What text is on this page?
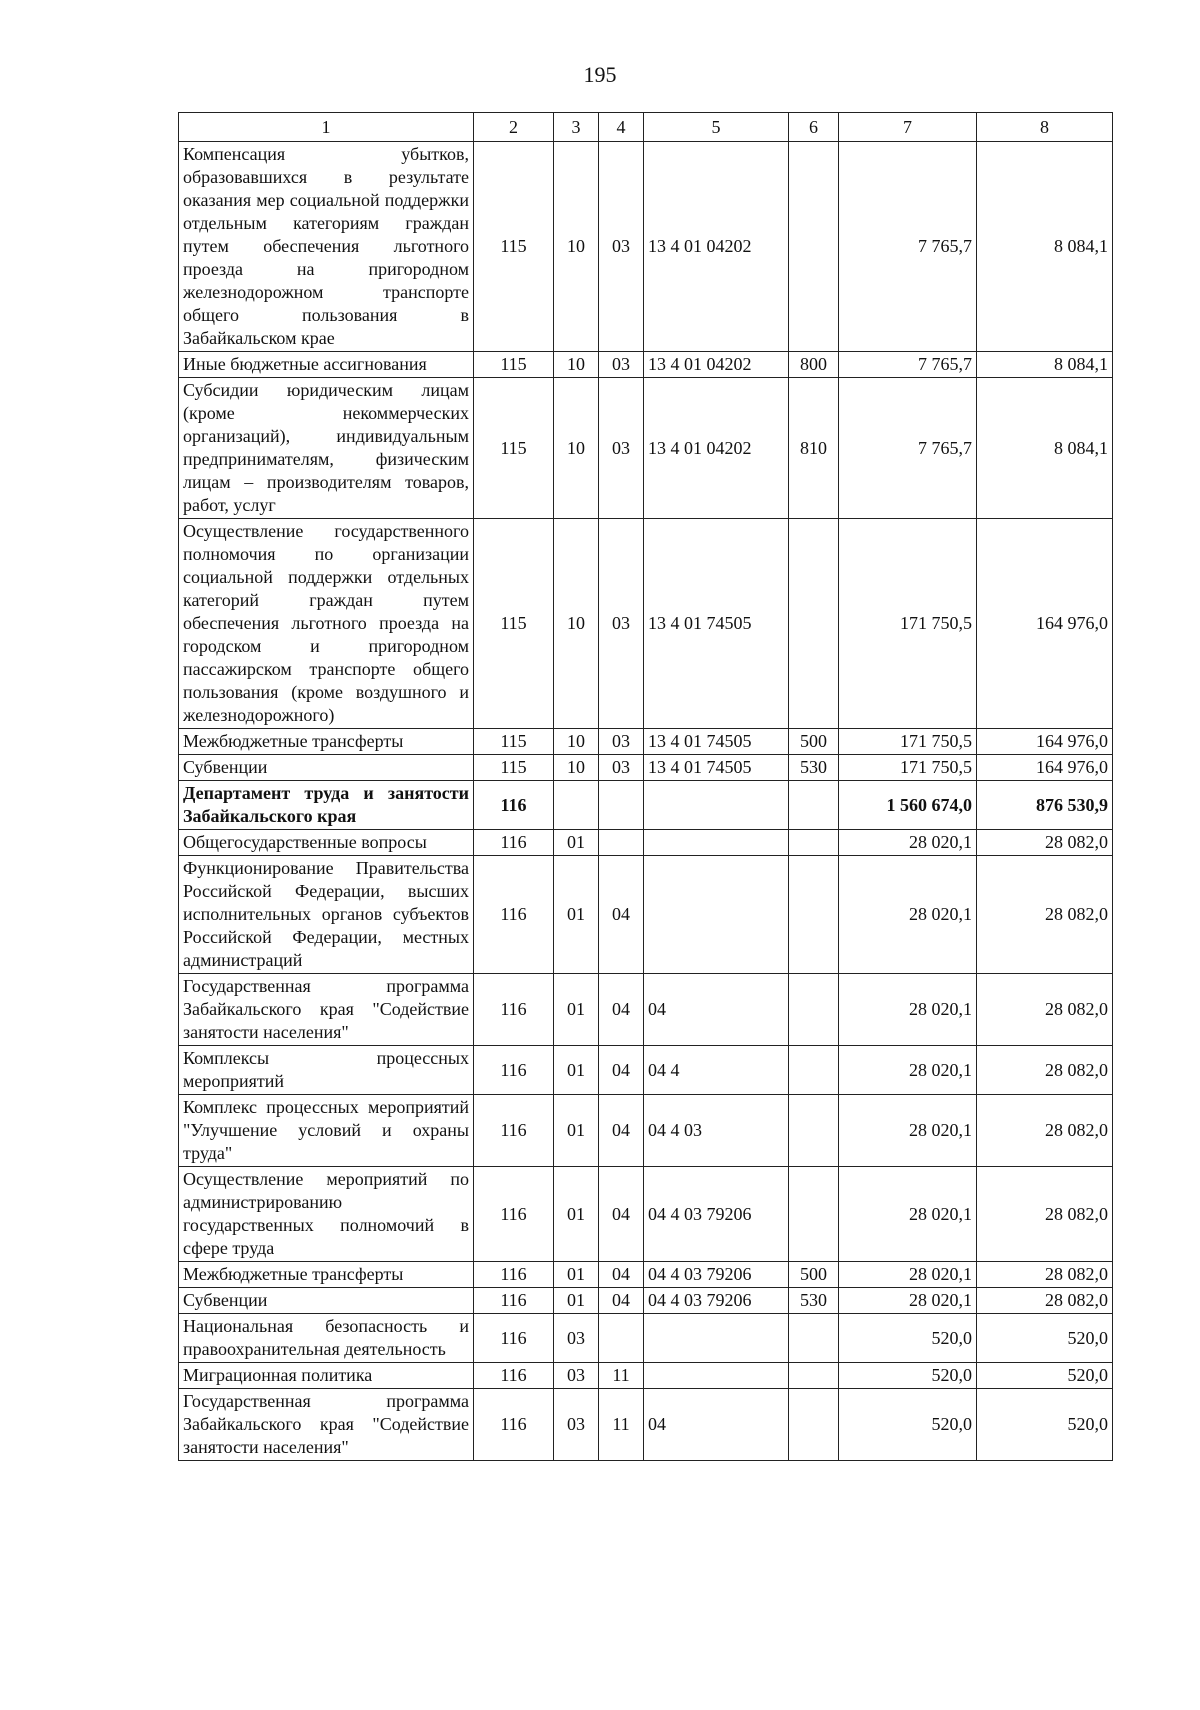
195
1	2	3	4	5	6	7	8
Компенсация убытков, образовавшихся в результате оказания мер социальной поддержки отдельным категориям граждан путем обеспечения льготного проезда на пригородном железнодорожном транспорте общего пользования в Забайкальском крае	115	10	03	13 4 01 04202		7 765,7	8 084,1
Иные бюджетные ассигнования	115	10	03	13 4 01 04202	800	7 765,7	8 084,1
Субсидии юридическим лицам (кроме некоммерческих организаций), индивидуальным предпринимателям, физическим лицам – производителям товаров, работ, услуг	115	10	03	13 4 01 04202	810	7 765,7	8 084,1
Осуществление государственного полномочия по организации социальной поддержки отдельных категорий граждан путем обеспечения льготного проезда на городском и пригородном пассажирском транспорте общего пользования (кроме воздушного и железнодорожного)	115	10	03	13 4 01 74505		171 750,5	164 976,0
Межбюджетные трансферты	115	10	03	13 4 01 74505	500	171 750,5	164 976,0
Субвенции	115	10	03	13 4 01 74505	530	171 750,5	164 976,0
Департамент труда и занятости Забайкальского края	116					1 560 674,0	876 530,9
Общегосударственные вопросы	116	01				28 020,1	28 082,0
Функционирование Правительства Российской Федерации, высших исполнительных органов субъектов Российской Федерации, местных администраций	116	01	04			28 020,1	28 082,0
Государственная программа Забайкальского края "Содействие занятости населения"	116	01	04	04		28 020,1	28 082,0
Комплексы процессных мероприятий	116	01	04	04 4		28 020,1	28 082,0
Комплекс процессных мероприятий "Улучшение условий и охраны труда"	116	01	04	04 4 03		28 020,1	28 082,0
Осуществление мероприятий по администрированию государственных полномочий в сфере труда	116	01	04	04 4 03 79206		28 020,1	28 082,0
Межбюджетные трансферты	116	01	04	04 4 03 79206	500	28 020,1	28 082,0
Субвенции	116	01	04	04 4 03 79206	530	28 020,1	28 082,0
Национальная безопасность и правоохранительная деятельность	116	03				520,0	520,0
Миграционная политика	116	03	11			520,0	520,0
Государственная программа Забайкальского края "Содействие занятости населения"	116	03	11	04		520,0	520,0
